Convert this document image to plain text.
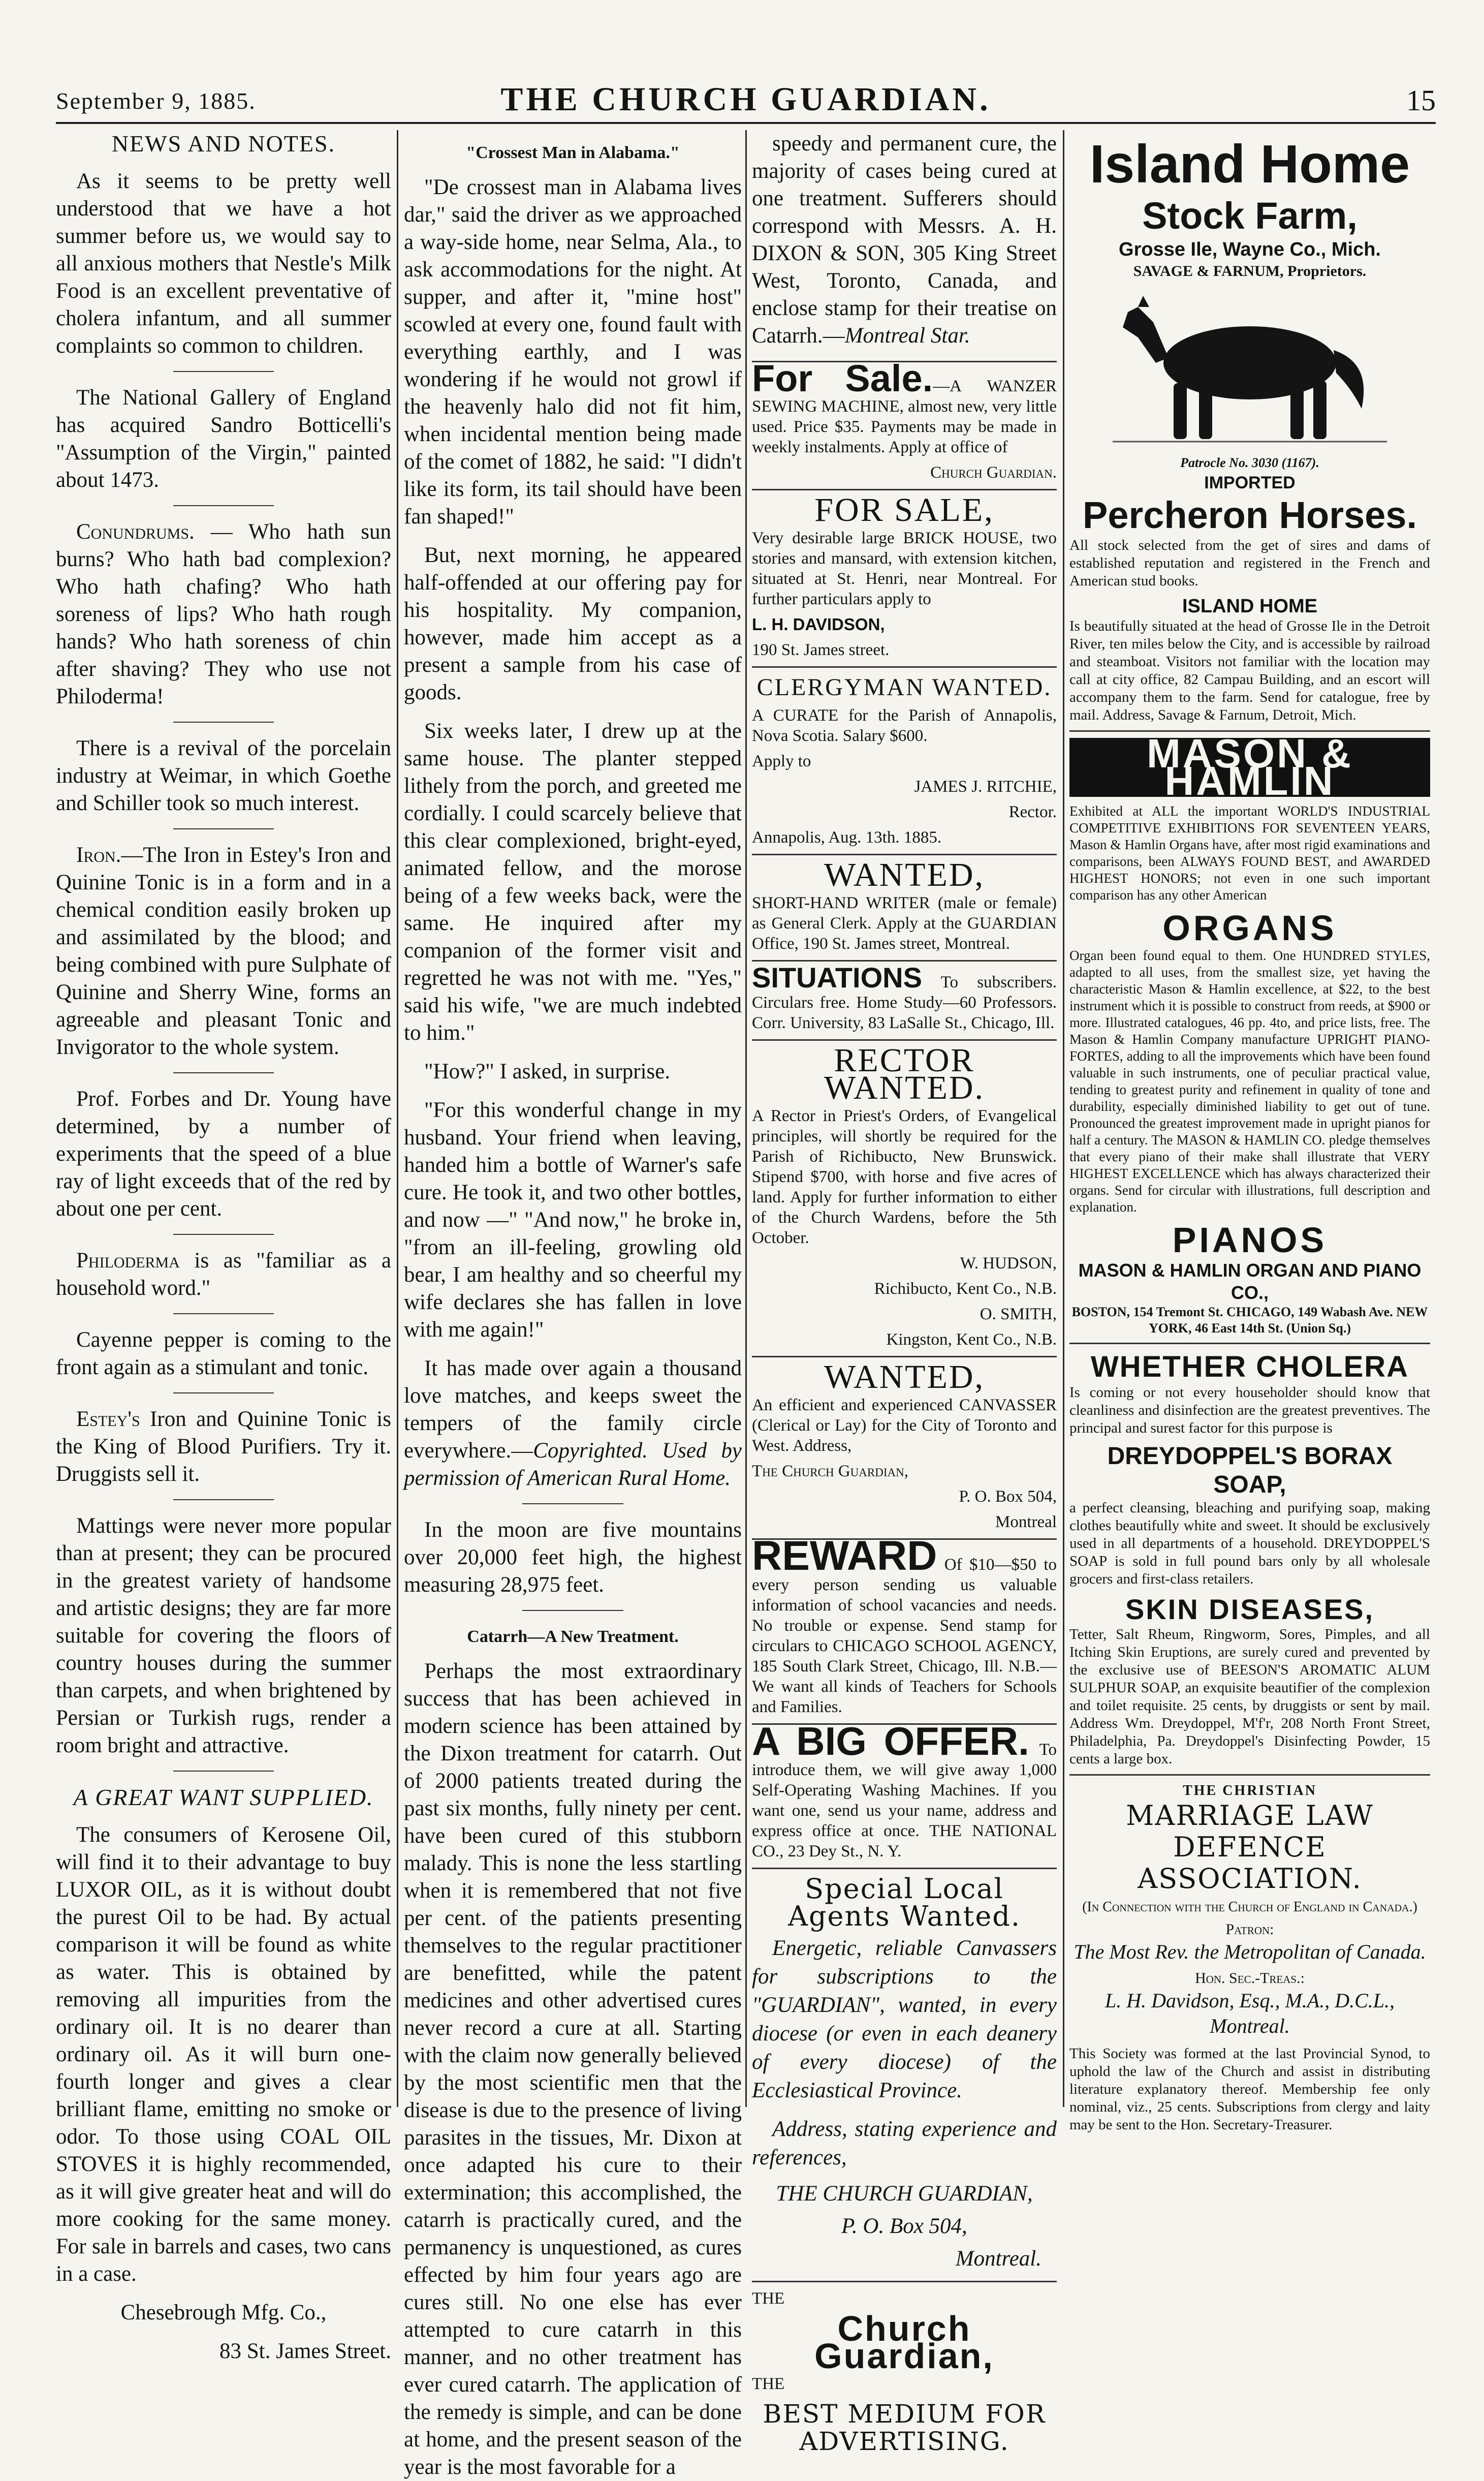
September 9, 1885.	THE CHURCH GUARDIAN.	15
NEWS AND NOTES.

As it seems to be pretty well understood that we have a hot summer before us, we would say to all anxious mothers that Nestle's Milk Food is an excellent preventative of cholera infantum, and all summer complaints so common to children.

The National Gallery of England has acquired Sandro Botticelli's "Assumption of the Virgin," painted about 1473.

Conundrums. — Who hath sun burns? Who hath bad complexion? Who hath chafing? Who hath soreness of lips? Who hath rough hands? Who hath soreness of chin after shaving? They who use not Philoderma!

There is a revival of the porcelain industry at Weimar, in which Goethe and Schiller took so much interest.

Iron.—The Iron in Estey's Iron and Quinine Tonic is in a form and in a chemical condition easily broken up and assimilated by the blood; and being combined with pure Sulphate of Quinine and Sherry Wine, forms an agreeable and pleasant Tonic and Invigorator to the whole system.

Prof. Forbes and Dr. Young have determined, by a number of experiments that the speed of a blue ray of light exceeds that of the red by about one per cent.

Philoderma is as "familiar as a household word."

Cayenne pepper is coming to the front again as a stimulant and tonic.

Estey's Iron and Quinine Tonic is the King of Blood Purifiers. Try it. Druggists sell it.

Mattings were never more popular than at present; they can be procured in the greatest variety of handsome and artistic designs; they are far more suitable for covering the floors of country houses during the summer than carpets, and when brightened by Persian or Turkish rugs, render a room bright and attractive.

A GREAT WANT SUPPLIED.

The consumers of Kerosene Oil, will find it to their advantage to buy LUXOR OIL, as it is without doubt the purest Oil to be had. By actual comparison it will be found as white as water. This is obtained by removing all impurities from the ordinary oil. It is no dearer than ordinary oil. As it will burn one-fourth longer and gives a clear brilliant flame, emitting no smoke or odor. To those using COAL OIL STOVES it is highly recommended, as it will give greater heat and will do more cooking for the same money. For sale in barrels and cases, two cans in a case.

Chesebrough Mfg. Co.,

83 St. James Street.

"Crossest Man in Alabama."

"De crossest man in Alabama lives dar," said the driver as we approached a way-side home, near Selma, Ala., to ask accommodations for the night. At supper, and after it, "mine host" scowled at every one, found fault with everything earthly, and I was wondering if he would not growl if the heavenly halo did not fit him, when incidental mention being made of the comet of 1882, he said: "I didn't like its form, its tail should have been fan shaped!"

But, next morning, he appeared half-offended at our offering pay for his hospitality. My companion, however, made him accept as a present a sample from his case of goods.

Six weeks later, I drew up at the same house. The planter stepped lithely from the porch, and greeted me cordially. I could scarcely believe that this clear complexioned, bright-eyed, animated fellow, and the morose being of a few weeks back, were the same. He inquired after my companion of the former visit and regretted he was not with me. "Yes," said his wife, "we are much indebted to him."

"How?" I asked, in surprise.

"For this wonderful change in my husband. Your friend when leaving, handed him a bottle of Warner's safe cure. He took it, and two other bottles, and now —" "And now," he broke in, "from an ill-feeling, growling old bear, I am healthy and so cheerful my wife declares she has fallen in love with me again!"

It has made over again a thousand love matches, and keeps sweet the tempers of the family circle everywhere.—Copyrighted. Used by permission of American Rural Home.

In the moon are five mountains over 20,000 feet high, the highest measuring 28,975 feet.

Catarrh—A New Treatment.

Perhaps the most extraordinary success that has been achieved in modern science has been attained by the Dixon treatment for catarrh. Out of 2000 patients treated during the past six months, fully ninety per cent. have been cured of this stubborn malady. This is none the less startling when it is remembered that not five per cent. of the patients presenting themselves to the regular practitioner are benefitted, while the patent medicines and other advertised cures never record a cure at all. Starting with the claim now generally believed by the most scientific men that the disease is due to the presence of living parasites in the tissues, Mr. Dixon at once adapted his cure to their extermination; this accomplished, the catarrh is practically cured, and the permanency is unquestioned, as cures effected by him four years ago are cures still. No one else has ever attempted to cure catarrh in this manner, and no other treatment has ever cured catarrh. The application of the remedy is simple, and can be done at home, and the present season of the year is the most favorable for a

speedy and permanent cure, the majority of cases being cured at one treatment. Sufferers should correspond with Messrs. A. H. DIXON & SON, 305 King Street West, Toronto, Canada, and enclose stamp for their treatise on Catarrh.—Montreal Star.

For Sale.—A WANZER SEWING MACHINE, almost new, very little used. Price $35. Payments may be made in weekly instalments. Apply at office of

Church Guardian.

FOR SALE,

Very desirable large BRICK HOUSE, two stories and mansard, with extension kitchen, situated at St. Henri, near Montreal. For further particulars apply to

L. H. DAVIDSON,

190 St. James street.

CLERGYMAN WANTED.

A CURATE for the Parish of Annapolis, Nova Scotia. Salary $600.

Apply to

JAMES J. RITCHIE,

Rector.

Annapolis, Aug. 13th. 1885.

WANTED,

SHORT-HAND WRITER (male or female) as General Clerk. Apply at the GUARDIAN Office, 190 St. James street, Montreal.

SITUATIONS To subscribers. Circulars free. Home Study—60 Professors. Corr. University, 83 LaSalle St., Chicago, Ill.

RECTOR WANTED.

A Rector in Priest's Orders, of Evangelical principles, will shortly be required for the Parish of Richibucto, New Brunswick. Stipend $700, with horse and five acres of land. Apply for further information to either of the Church Wardens, before the 5th October.

W. HUDSON,

Richibucto, Kent Co., N.B.

O. SMITH,

Kingston, Kent Co., N.B.

WANTED,

An efficient and experienced CANVASSER (Clerical or Lay) for the City of Toronto and West. Address,

The Church Guardian,

P. O. Box 504,

Montreal

REWARD Of $10—$50 to every person sending us valuable information of school vacancies and needs. No trouble or expense. Send stamp for circulars to CHICAGO SCHOOL AGENCY, 185 South Clark Street, Chicago, Ill. N.B.—We want all kinds of Teachers for Schools and Families.

A BIG OFFER. To introduce them, we will give away 1,000 Self-Operating Washing Machines. If you want one, send us your name, address and express office at once. THE NATIONAL CO., 23 Dey St., N. Y.

Special Local Agents Wanted.

Energetic, reliable Canvassers for subscriptions to the "GUARDIAN", wanted, in every diocese (or even in each deanery of every diocese) of the Ecclesiastical Province.

Address, stating experience and references,

THE CHURCH GUARDIAN,

P. O. Box 504,

Montreal.

THE

Church Guardian,

THE

BEST MEDIUM FOR ADVERTISING.
Island Home
Stock Farm,
Grosse Ile, Wayne Co., Mich.
SAVAGE & FARNUM, Proprietors.
Patrocle No. 3030 (1167).
IMPORTED
Percheron Horses.

All stock selected from the get of sires and dams of established reputation and registered in the French and American stud books.

ISLAND HOME

Is beautifully situated at the head of Grosse Ile in the Detroit River, ten miles below the City, and is accessible by railroad and steamboat. Visitors not familiar with the location may call at city office, 82 Campau Building, and an escort will accompany them to the farm. Send for catalogue, free by mail. Address, Savage & Farnum, Detroit, Mich.

MASON & HAMLIN

Exhibited at ALL the important WORLD'S INDUSTRIAL COMPETITIVE EXHIBITIONS FOR SEVENTEEN YEARS, Mason & Hamlin Organs have, after most rigid examinations and comparisons, been ALWAYS FOUND BEST, and AWARDED HIGHEST HONORS; not even in one such important comparison has any other American

ORGANS

Organ been found equal to them. One HUNDRED STYLES, adapted to all uses, from the smallest size, yet having the characteristic Mason & Hamlin excellence, at $22, to the best instrument which it is possible to construct from reeds, at $900 or more. Illustrated catalogues, 46 pp. 4to, and price lists, free. The Mason & Hamlin Company manufacture UPRIGHT PIANO-FORTES, adding to all the improvements which have been found valuable in such instruments, one of peculiar practical value, tending to greatest purity and refinement in quality of tone and durability, especially diminished liability to get out of tune. Pronounced the greatest improvement made in upright pianos for half a century. The MASON & HAMLIN CO. pledge themselves that every piano of their make shall illustrate that VERY HIGHEST EXCELLENCE which has always characterized their organs. Send for circular with illustrations, full description and explanation.

PIANOS
MASON & HAMLIN ORGAN AND PIANO CO.,
BOSTON, 154 Tremont St. CHICAGO, 149 Wabash Ave. NEW YORK, 46 East 14th St. (Union Sq.)
WHETHER CHOLERA

Is coming or not every householder should know that cleanliness and disinfection are the greatest preventives. The principal and surest factor for this purpose is

DREYDOPPEL'S BORAX SOAP,

a perfect cleansing, bleaching and purifying soap, making clothes beautifully white and sweet. It should be exclusively used in all departments of a household. DREYDOPPEL'S SOAP is sold in full pound bars only by all wholesale grocers and first-class retailers.

SKIN DISEASES,

Tetter, Salt Rheum, Ringworm, Sores, Pimples, and all Itching Skin Eruptions, are surely cured and prevented by the exclusive use of BEESON'S AROMATIC ALUM SULPHUR SOAP, an exquisite beautifier of the complexion and toilet requisite. 25 cents, by druggists or sent by mail. Address Wm. Dreydoppel, M'f'r, 208 North Front Street, Philadelphia, Pa. Dreydoppel's Disinfecting Powder, 15 cents a large box.

THE CHRISTIAN
MARRIAGE LAW DEFENCE
ASSOCIATION.
(In Connection with the Church of England in Canada.)
Patron:
The Most Rev. the Metropolitan of Canada.
Hon. Sec.-Treas.:
L. H. Davidson, Esq., M.A., D.C.L.,
Montreal.

This Society was formed at the last Provincial Synod, to uphold the law of the Church and assist in distributing literature explanatory thereof. Membership fee only nominal, viz., 25 cents. Subscriptions from clergy and laity may be sent to the Hon. Secretary-Treasurer.
